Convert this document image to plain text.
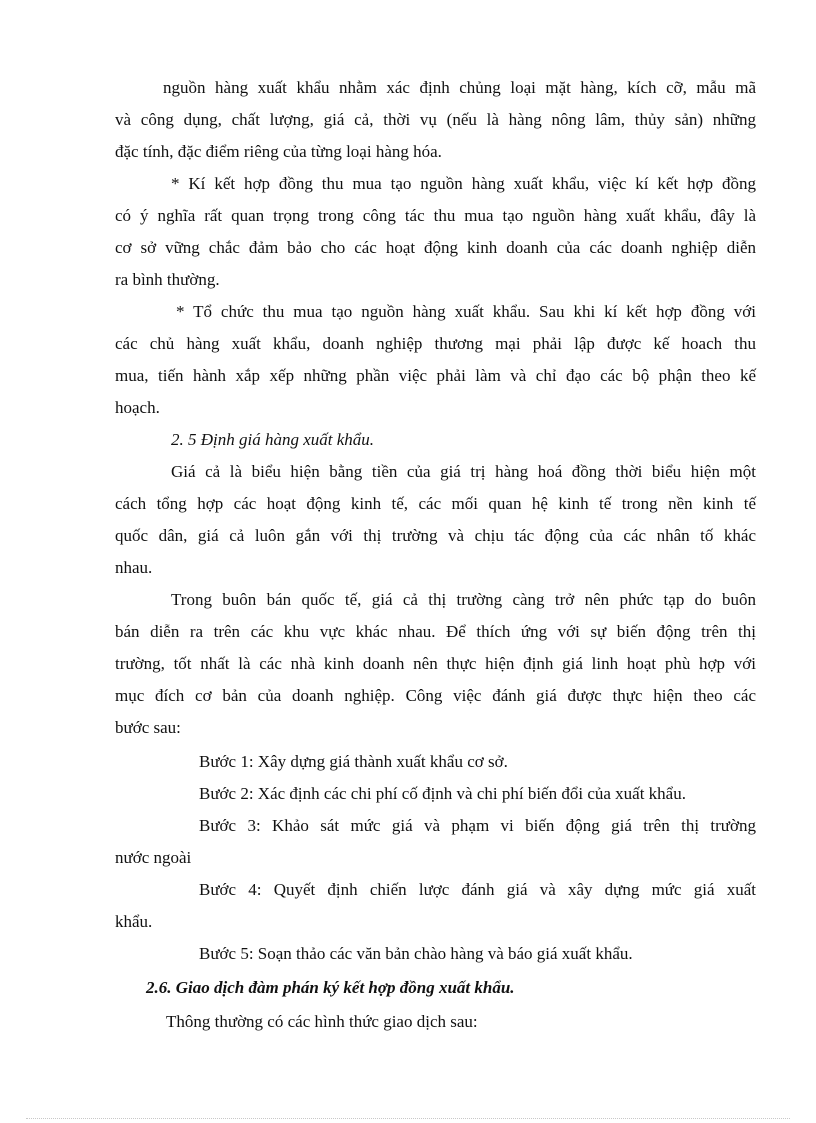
nguồn hàng xuất khẩu nhằm xác định chủng loại mặt hàng, kích cỡ, mẫu mã
và công dụng, chất lượng, giá cả, thời vụ (nếu là hàng nông lâm, thủy sản) những
đặc tính, đặc điểm riêng của từng loại hàng hóa.
* Kí kết hợp đồng thu mua tạo nguồn hàng xuất khẩu, việc kí kết hợp đồng
có ý nghĩa rất quan trọng trong công tác thu mua tạo nguồn hàng xuất khẩu, đây là
cơ sở vững chắc đảm bảo cho các hoạt động kinh doanh của các doanh nghiệp diễn
ra bình thường.
* Tổ chức thu mua tạo nguồn hàng xuất khẩu. Sau khi kí kết hợp đồng với
các chủ hàng xuất khẩu, doanh nghiệp thương mại phải lập được kế hoach thu
mua, tiến hành xắp xếp những phần việc phải làm và chỉ đạo các bộ phận theo kế
hoạch.
2. 5 Định giá hàng xuất khẩu.
Giá cả là biểu hiện bằng tiền của giá trị hàng hoá đồng thời biểu hiện một
cách tổng hợp các hoạt động kinh tế, các mối quan hệ kinh tế trong nền kinh tế
quốc dân, giá cả luôn gắn với thị trường và chịu tác động của các nhân tố khác
nhau.
Trong buôn bán quốc tế, giá cả thị trường càng trở nên phức tạp do buôn
bán diễn ra trên các khu vực khác nhau. Để thích ứng với sự biến động trên thị
trường, tốt nhất là các nhà kinh doanh nên thực hiện định giá linh hoạt phù hợp với
mục đích cơ bản của doanh nghiệp. Công việc đánh giá được thực hiện theo các
bước sau:
Bước 1: Xây dựng giá thành xuất khẩu cơ sở.
Bước 2: Xác định các chi phí cố định và chi phí biến đổi của xuất khẩu.
Bước 3: Khảo sát mức giá và phạm vi biến động giá trên thị trường
nước ngoài
Bước 4: Quyết định chiến lược đánh giá và xây dựng mức giá xuất
khẩu.
Bước 5: Soạn thảo các văn bản chào hàng và báo giá xuất khẩu.
2.6. Giao dịch đàm phán ký kết hợp đồng xuất khẩu.
Thông thường có các hình thức giao dịch sau:
